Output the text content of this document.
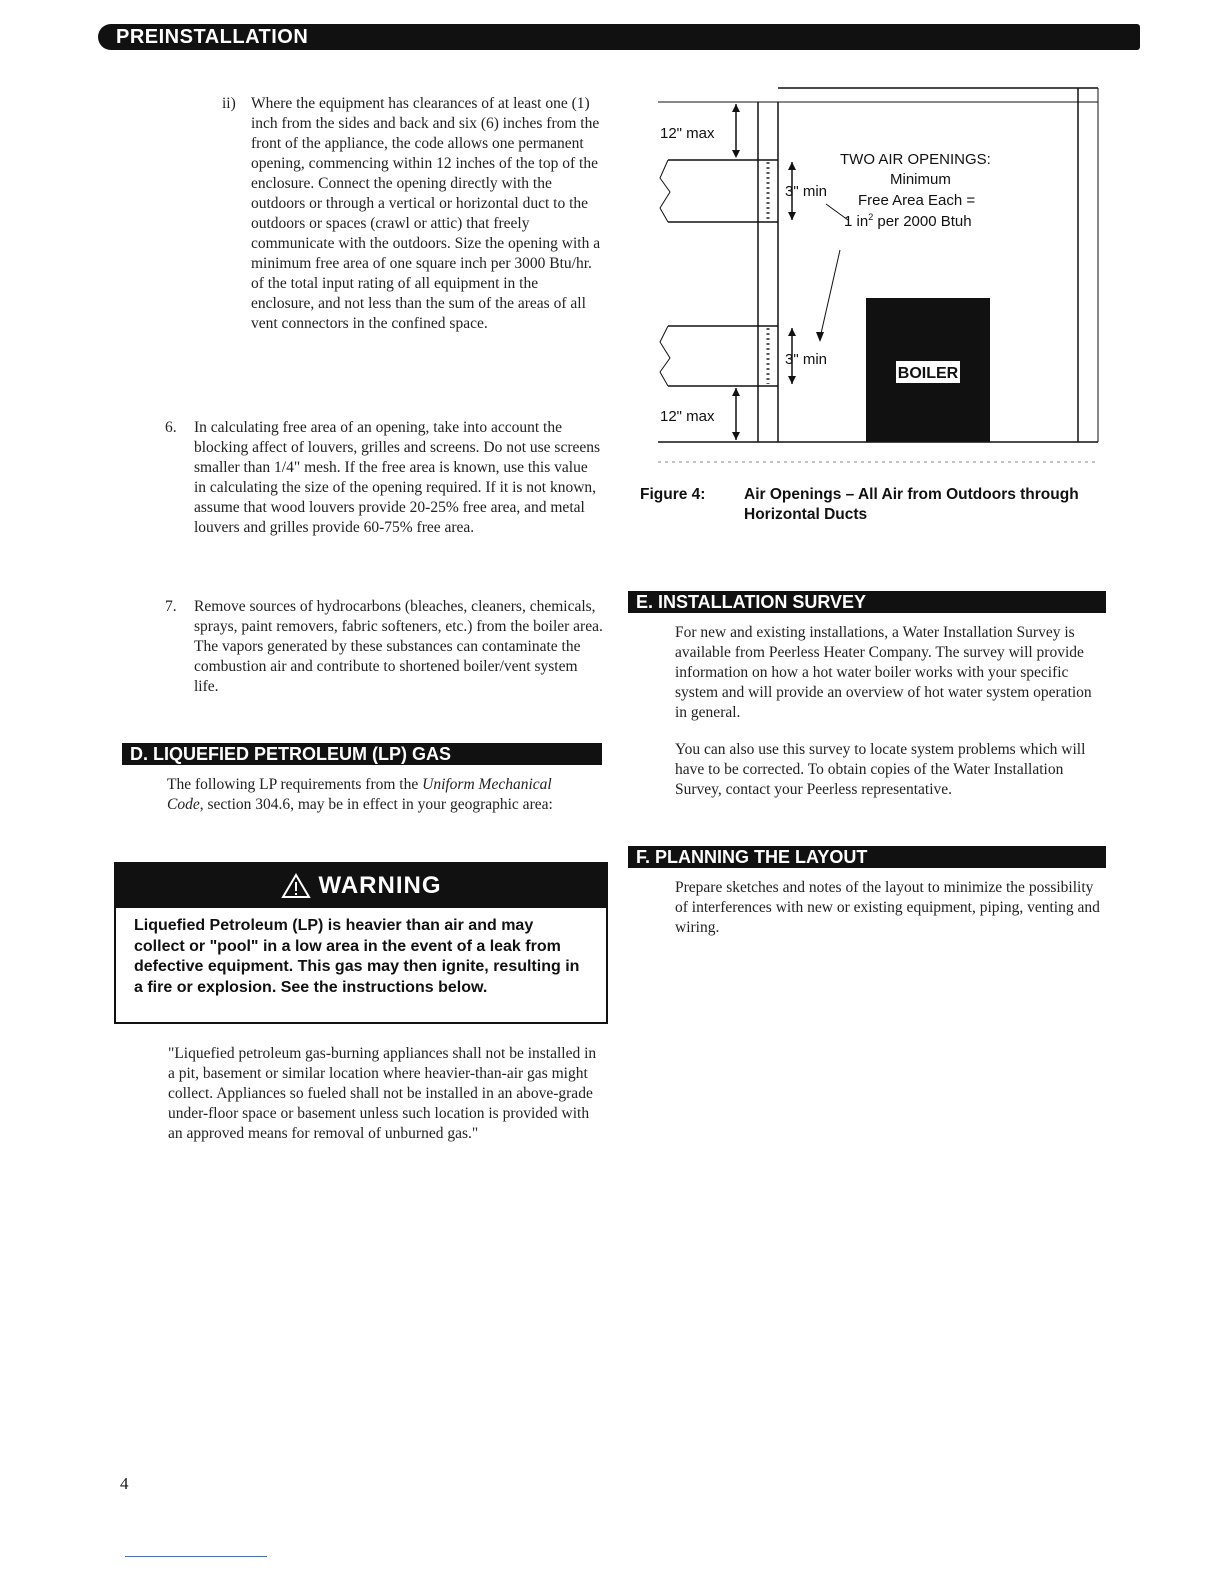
PREINSTALLATION
ii) Where the equipment has clearances of at least one (1) inch from the sides and back and six (6) inches from the front of the appliance, the code allows one permanent opening, commencing within 12 inches of the top of the enclosure. Connect the opening directly with the outdoors or through a vertical or horizontal duct to the outdoors or spaces (crawl or attic) that freely communicate with the outdoors. Size the opening with a minimum free area of one square inch per 3000 Btu/hr. of the total input rating of all equipment in the enclosure, and not less than the sum of the areas of all vent connectors in the confined space.
6. In calculating free area of an opening, take into account the blocking affect of louvers, grilles and screens. Do not use screens smaller than 1/4" mesh. If the free area is known, use this value in calculating the size of the opening required. If it is not known, assume that wood louvers provide 20-25% free area, and metal louvers and grilles provide 60-75% free area.
7. Remove sources of hydrocarbons (bleaches, cleaners, chemicals, sprays, paint removers, fabric softeners, etc.) from the boiler area. The vapors generated by these substances can contaminate the combustion air and contribute to shortened boiler/vent system life.
D. LIQUEFIED PETROLEUM (LP) GAS
The following LP requirements from the Uniform Mechanical Code, section 304.6, may be in effect in your geographic area:
WARNING
Liquefied Petroleum (LP) is heavier than air and may collect or "pool" in a low area in the event of a leak from defective equipment. This gas may then ignite, resulting in a fire or explosion. See the instructions below.
"Liquefied petroleum gas-burning appliances shall not be installed in a pit, basement or similar location where heavier-than-air gas might collect. Appliances so fueled shall not be installed in an above-grade under-floor space or basement unless such location is provided with an approved means for removal of unburned gas."
12" max
12" max
3" min
3" min
TWO AIR OPENINGS:
Minimum
Free Area Each =
1 $in^2$ per 2000 Btuh
BOILER
Figure 4: Air Openings – All Air from Outdoors through Horizontal Ducts
E. INSTALLATION SURVEY
For new and existing installations, a Water Installation Survey is available from Peerless Heater Company. The survey will provide information on how a hot water boiler works with your specific system and will provide an overview of hot water system operation in general.
You can also use this survey to locate system problems which will have to be corrected. To obtain copies of the Water Installation Survey, contact your Peerless representative.
F. PLANNING THE LAYOUT
Prepare sketches and notes of the layout to minimize the possibility of interferences with new or existing equipment, piping, venting and wiring.
4
